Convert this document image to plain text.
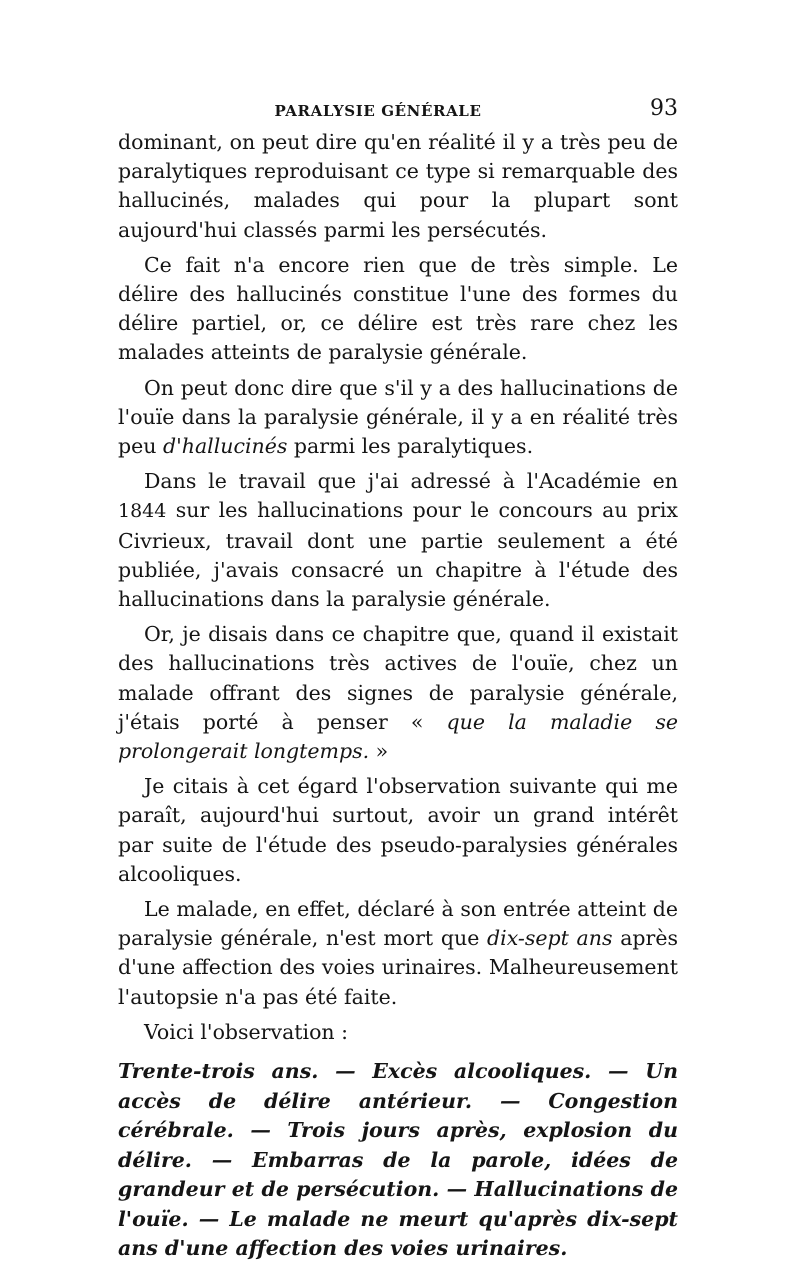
PARALYSIE GÉNÉRALE	93

dominant, on peut dire qu'en réalité il y a très peu de paralytiques reproduisant ce type si remarquable des hallucinés, malades qui pour la plupart sont aujourd'hui classés parmi les persécutés.

Ce fait n'a encore rien que de très simple. Le délire des hallucinés constitue l'une des formes du délire partiel, or, ce délire est très rare chez les malades atteints de paralysie générale.

On peut donc dire que s'il y a des hallucinations de l'ouïe dans la paralysie générale, il y a en réalité très peu d'hallucinés parmi les paralytiques.

Dans le travail que j'ai adressé à l'Académie en 1844 sur les hallucinations pour le concours au prix Civrieux, travail dont une partie seulement a été publiée, j'avais consacré un chapitre à l'étude des hallucinations dans la paralysie générale.

Or, je disais dans ce chapitre que, quand il existait des hallucinations très actives de l'ouïe, chez un malade offrant des signes de paralysie générale, j'étais porté à penser « que la maladie se prolongerait longtemps. »

Je citais à cet égard l'observation suivante qui me paraît, aujourd'hui surtout, avoir un grand intérêt par suite de l'étude des pseudo-paralysies générales alcooliques.

Le malade, en effet, déclaré à son entrée atteint de paralysie générale, n'est mort que dix-sept ans après d'une affection des voies urinaires. Malheureusement l'autopsie n'a pas été faite.

Voici l'observation :

Trente-trois ans. — Excès alcooliques. — Un accès de délire antérieur. — Congestion cérébrale. — Trois jours après, explosion du délire. — Embarras de la parole, idées de grandeur et de persécution. — Hallucinations de l'ouïe. — Le malade ne meurt qu'après dix-sept ans d'une affection des voies urinaires.
